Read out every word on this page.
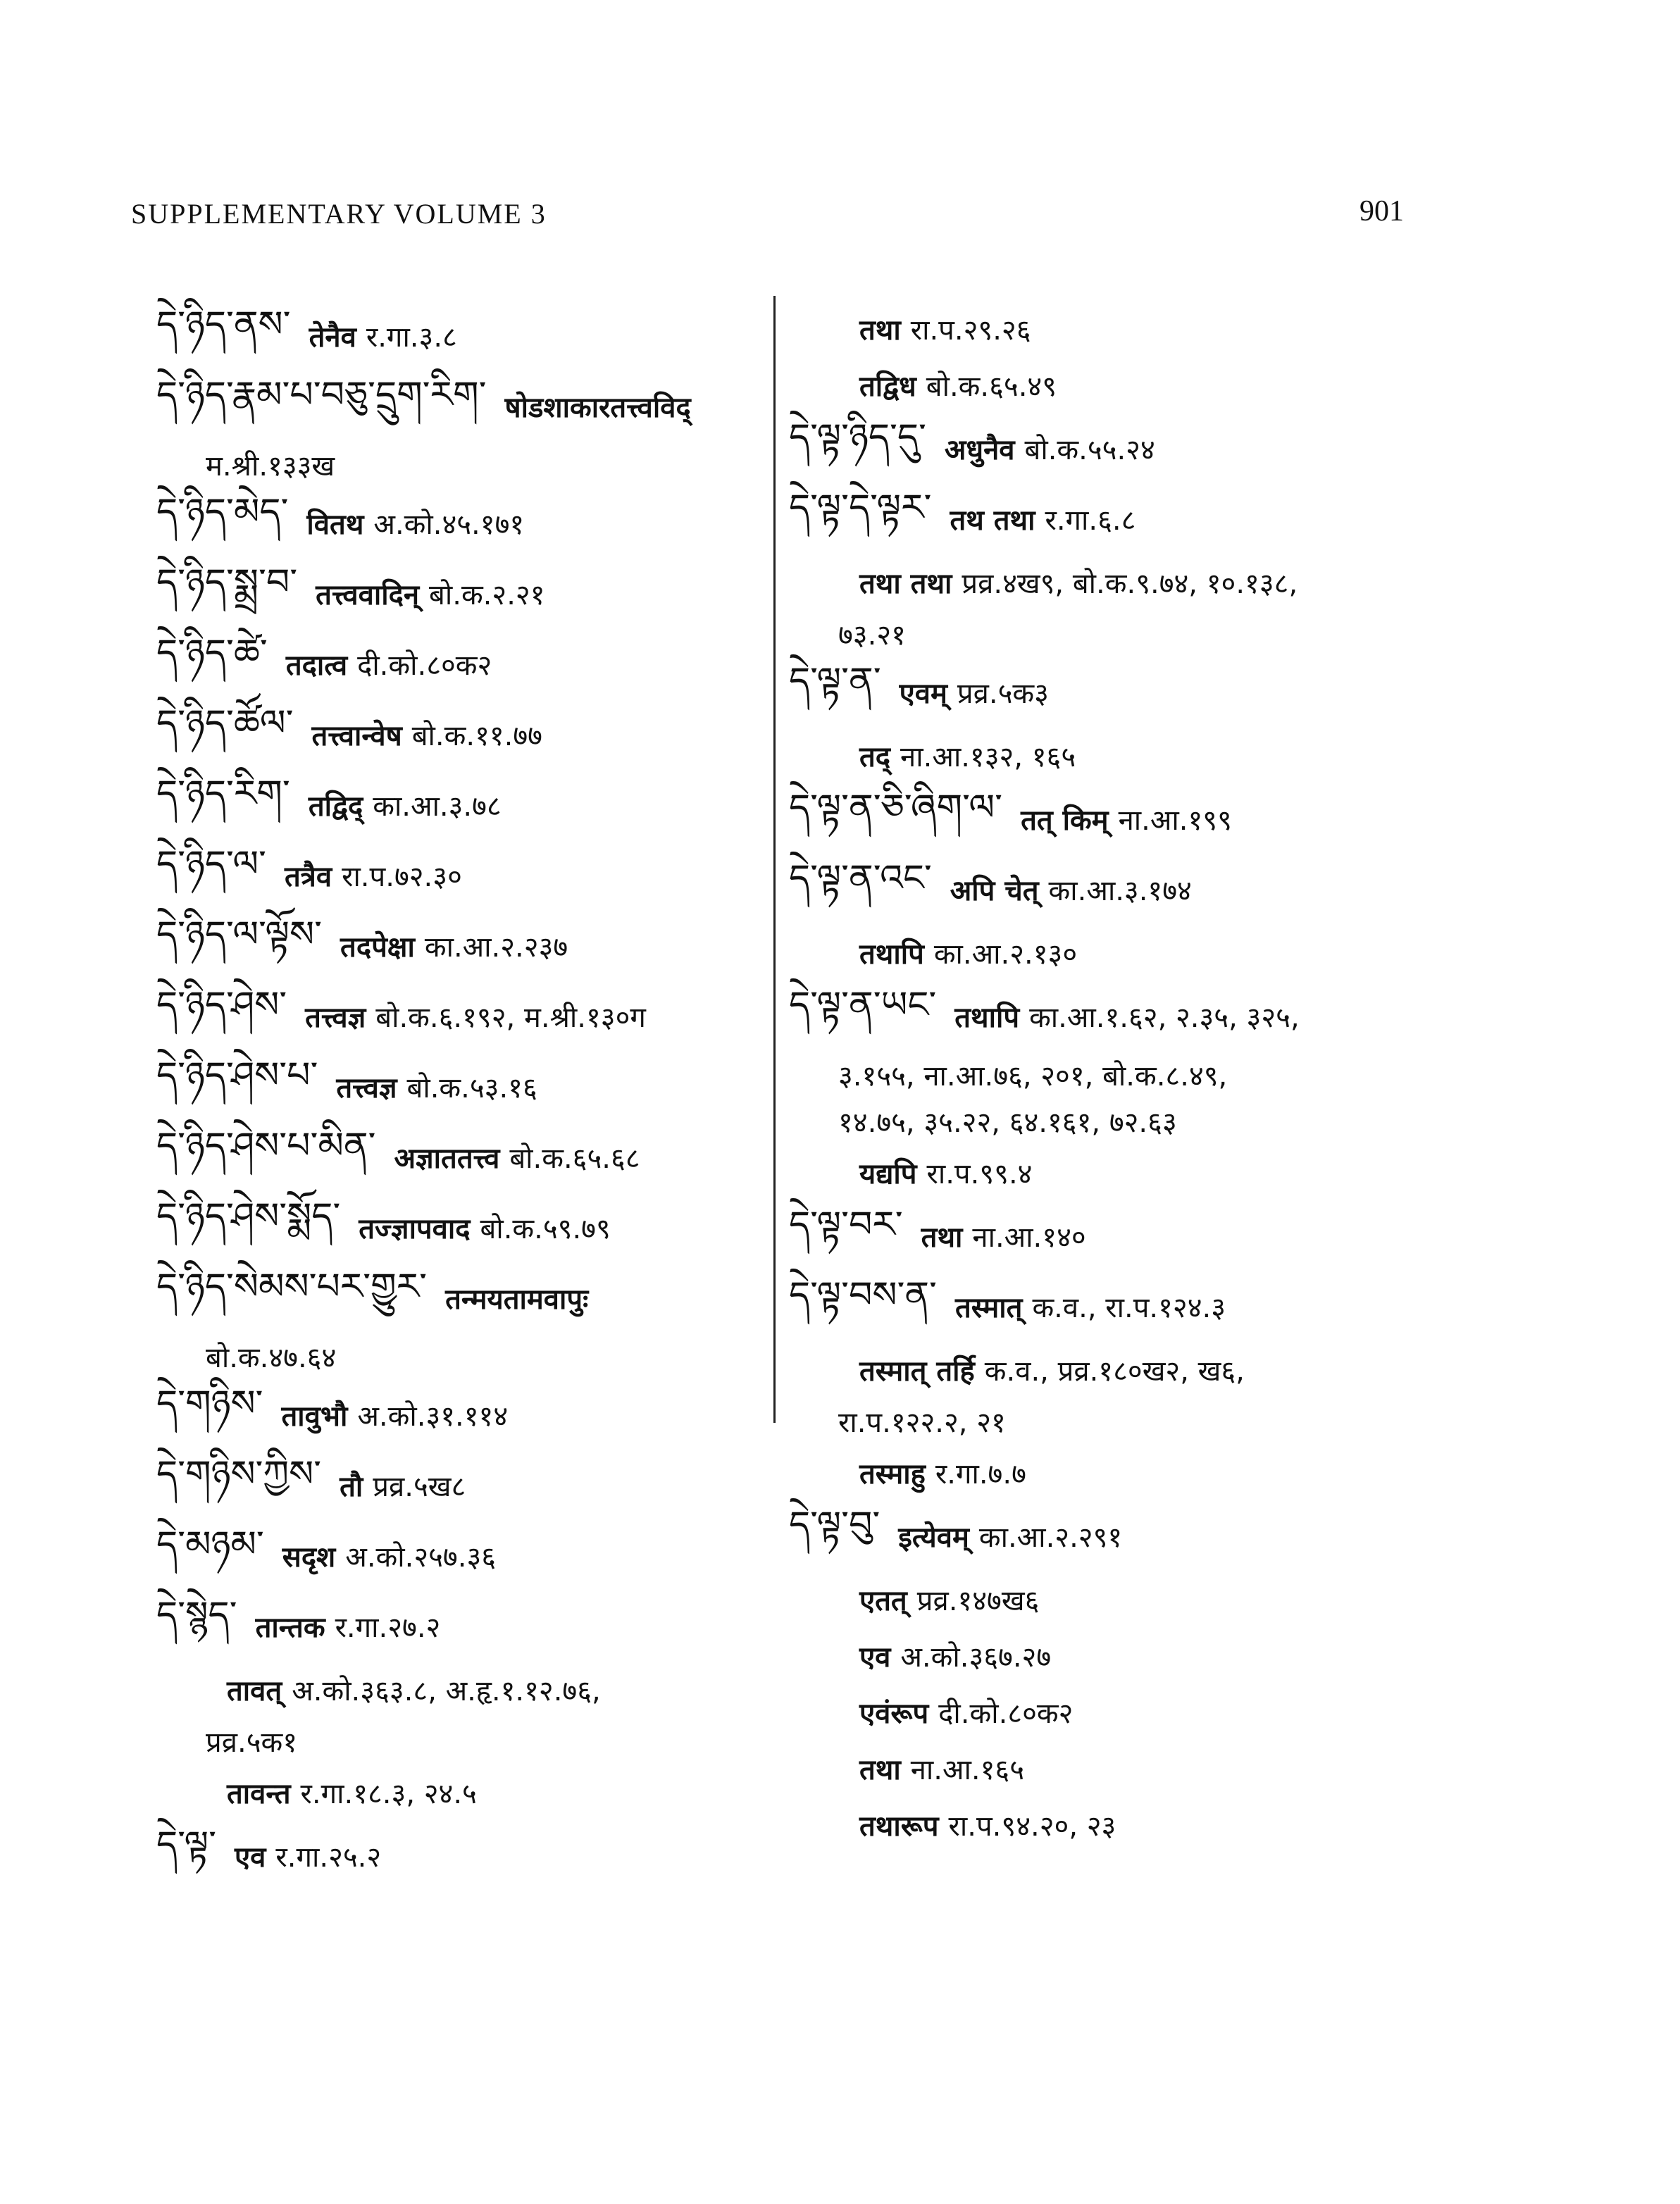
SUPPLEMENTARY VOLUME 3	901
དེ་ཉིད་ནས་ तेनैव र.गा.३.८
དེ་ཉིད་རྣམ་པ་བཅུ་དྲུག་རིག་ षोडशाकारतत्त्वविद्
म.श्री.१३३ख
དེ་ཉིད་མེད་ वितथ अ.को.४५.१७१
དེ་ཉིད་སྨྲ་བ་ तत्त्ववादिन् बो.क.२.२१
དེ་ཉིད་ཚེ་ तदात्व दी.को.८०क२
དེ་ཉིད་ཚོལ་ तत्त्वान्वेष बो.क.११.७७
དེ་ཉིད་རིག་ तद्विद् का.आ.३.७८
དེ་ཉིད་ལ་ तत्रैव रा.प.७२.३०
དེ་ཉིད་ལ་ལྟོས་ तदपेक्षा का.आ.२.२३७
དེ་ཉིད་ཤེས་ तत्त्वज्ञ बो.क.६.१९२, म.श्री.१३०ग
དེ་ཉིད་ཤེས་པ་ तत्त्वज्ञ बो.क.५३.१६
དེ་ཉིད་ཤེས་པ་མིན་ अज्ञाततत्त्व बो.क.६५.६८
དེ་ཉིད་ཤེས་སྨོད་ तज्ज्ञापवाद बो.क.५९.७९
དེ་ཉིད་སེམས་པར་གྱུར་ तन्मयतामवापुः
बो.क.४७.६४
དེ་གཉིས་ तावुभौ अ.को.३१.११४
དེ་གཉིས་ཀྱིས་ तौ प्रव्र.५ख८
དེ་མཉམ་ सदृश अ.को.२५७.३६
དེ་སྙེད་ तान्तक र.गा.२७.२
तावत् अ.को.३६३.८, अ.हृ.१.१२.७६,
प्रव्र.५क१
तावन्त र.गा.१८.३, २४.५
དེ་ལྟ་ एव र.गा.२५.२
तथा रा.प.२९.२६
तद्विध बो.क.६५.४९
དེ་ལྟ་ཉིད་དུ་ अधुनैव बो.क.५५.२४
དེ་ལྟ་དེ་ལྟར་ तथ तथा र.गा.६.८
तथा तथा प्रव्र.४ख९, बो.क.९.७४, १०.१३८,
७३.२१
དེ་ལྟ་ན་ एवम् प्रव्र.५क३
तद् ना.आ.१३२, १६५
དེ་ལྟ་ན་ཅི་ཞིག་ལ་ तत् किम् ना.आ.१९९
དེ་ལྟ་ན་འང་ अपि चेत् का.आ.३.१७४
तथापि का.आ.२.१३०
དེ་ལྟ་ན་ཡང་ तथापि का.आ.१.६२, २.३५, ३२५,
३.१५५, ना.आ.७६, २०१, बो.क.८.४९,
१४.७५, ३५.२२, ६४.१६१, ७२.६३
यद्यपि रा.प.९९.४
དེ་ལྟ་བར་ तथा ना.आ.१४०
དེ་ལྟ་བས་ན་ तस्मात् क.व., रा.प.१२४.३
तस्मात् तर्हि क.व., प्रव्र.१८०ख२, ख६,
रा.प.१२२.२, २१
तस्माहु र.गा.७.७
དེ་ལྟ་བུ་ इत्येवम् का.आ.२.२९१
एतत् प्रव्र.१४७ख६
एव अ.को.३६७.२७
एवंरूप दी.को.८०क२
तथा ना.आ.१६५
तथारूप रा.प.९४.२०, २३
